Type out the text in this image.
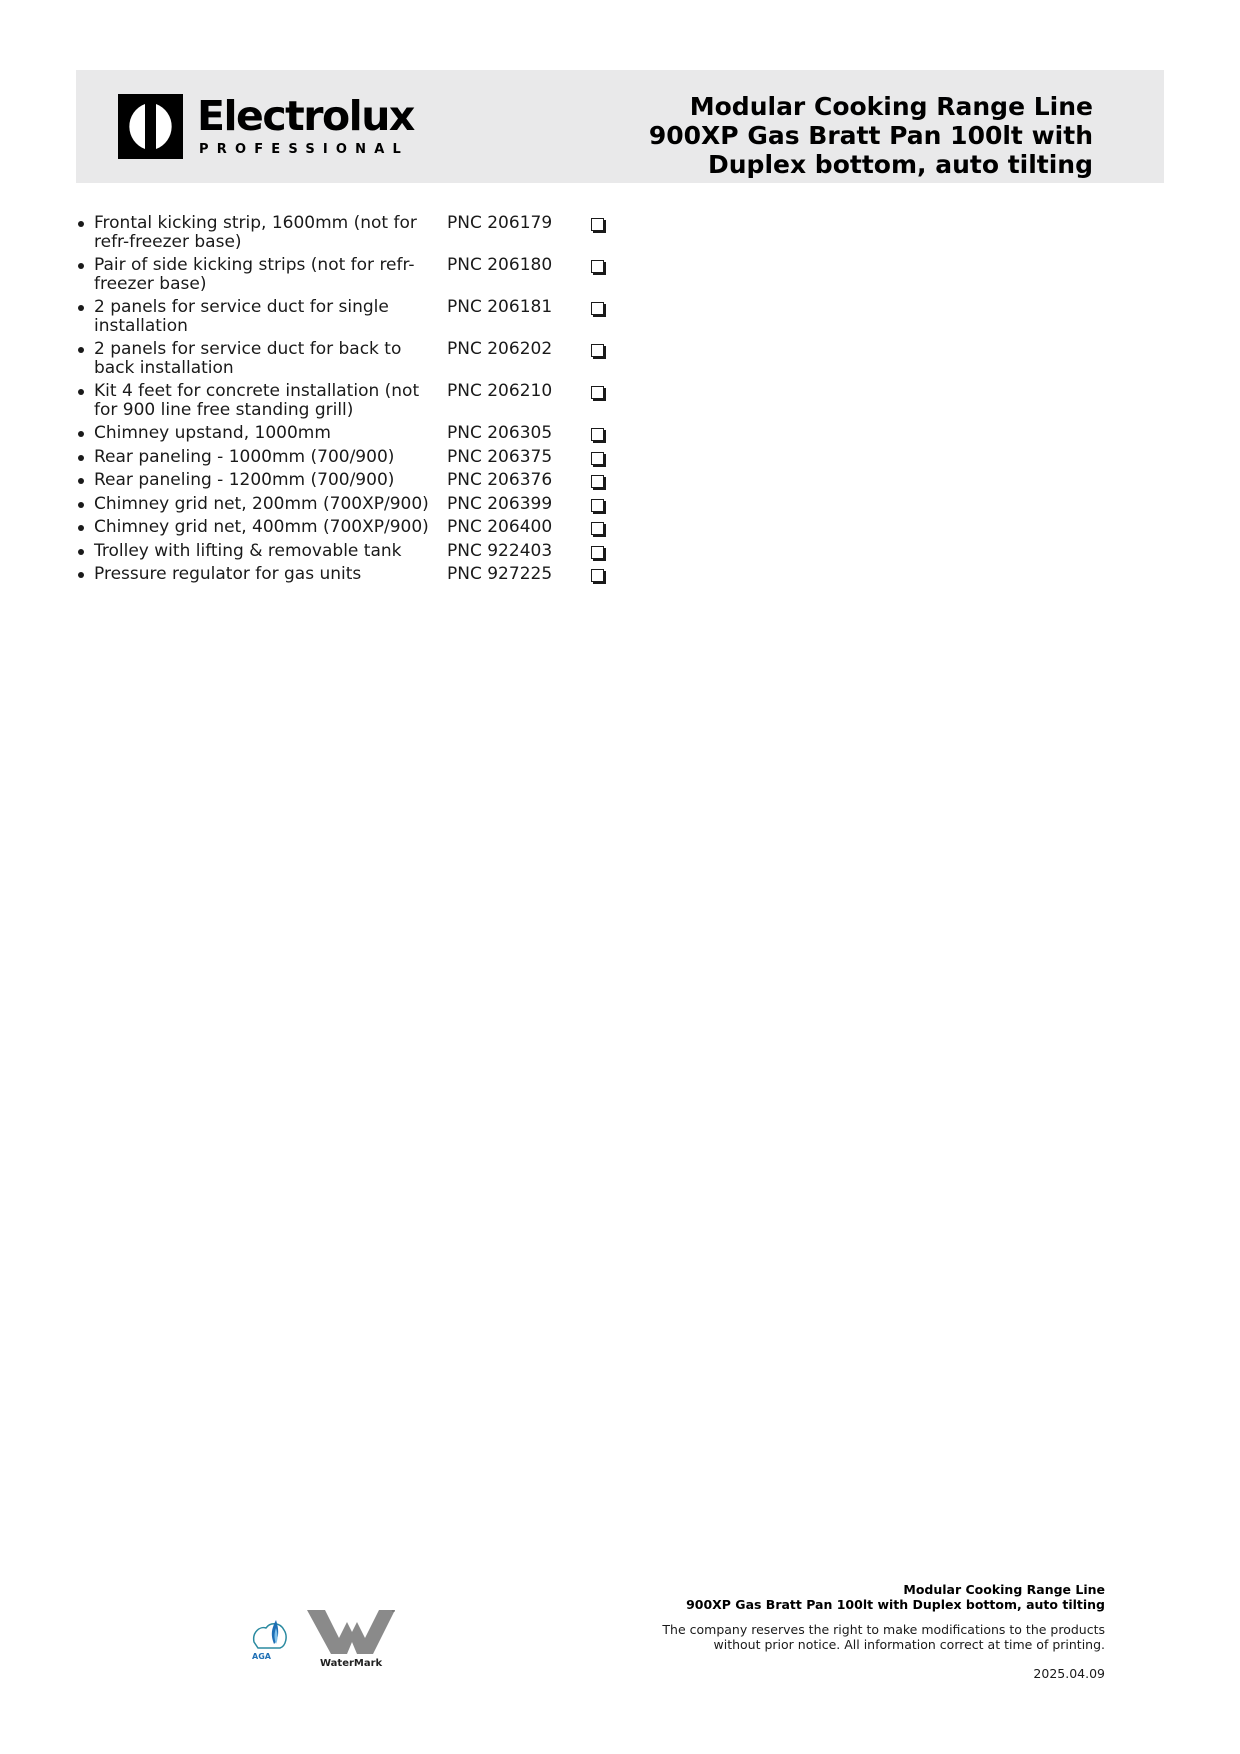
Electrolux
PROFESSIONAL
Modular Cooking Range Line
900XP Gas Bratt Pan 100lt with
Duplex bottom, auto tilting
Frontal kicking strip, 1600mm (not for refr-freezer base)
PNC 206179
Pair of side kicking strips (not for refr-freezer base)
PNC 206180
2 panels for service duct for single installation
PNC 206181
2 panels for service duct for back to back installation
PNC 206202
Kit 4 feet for concrete installation (not for 900 line free standing grill)
PNC 206210
Chimney upstand, 1000mm	PNC 206305
Rear paneling - 1000mm (700/900)	PNC 206375
Rear paneling - 1200mm (700/900)	PNC 206376
Chimney grid net, 200mm (700XP/900)	PNC 206399
Chimney grid net, 400mm (700XP/900)	PNC 206400
Trolley with lifting & removable tank	PNC 922403
Pressure regulator for gas units	PNC 927225
AGA
™
WaterMark
Modular Cooking Range Line
900XP Gas Bratt Pan 100lt with Duplex bottom, auto tilting
The company reserves the right to make modifications to the products
without prior notice. All information correct at time of printing.
2025.04.09
